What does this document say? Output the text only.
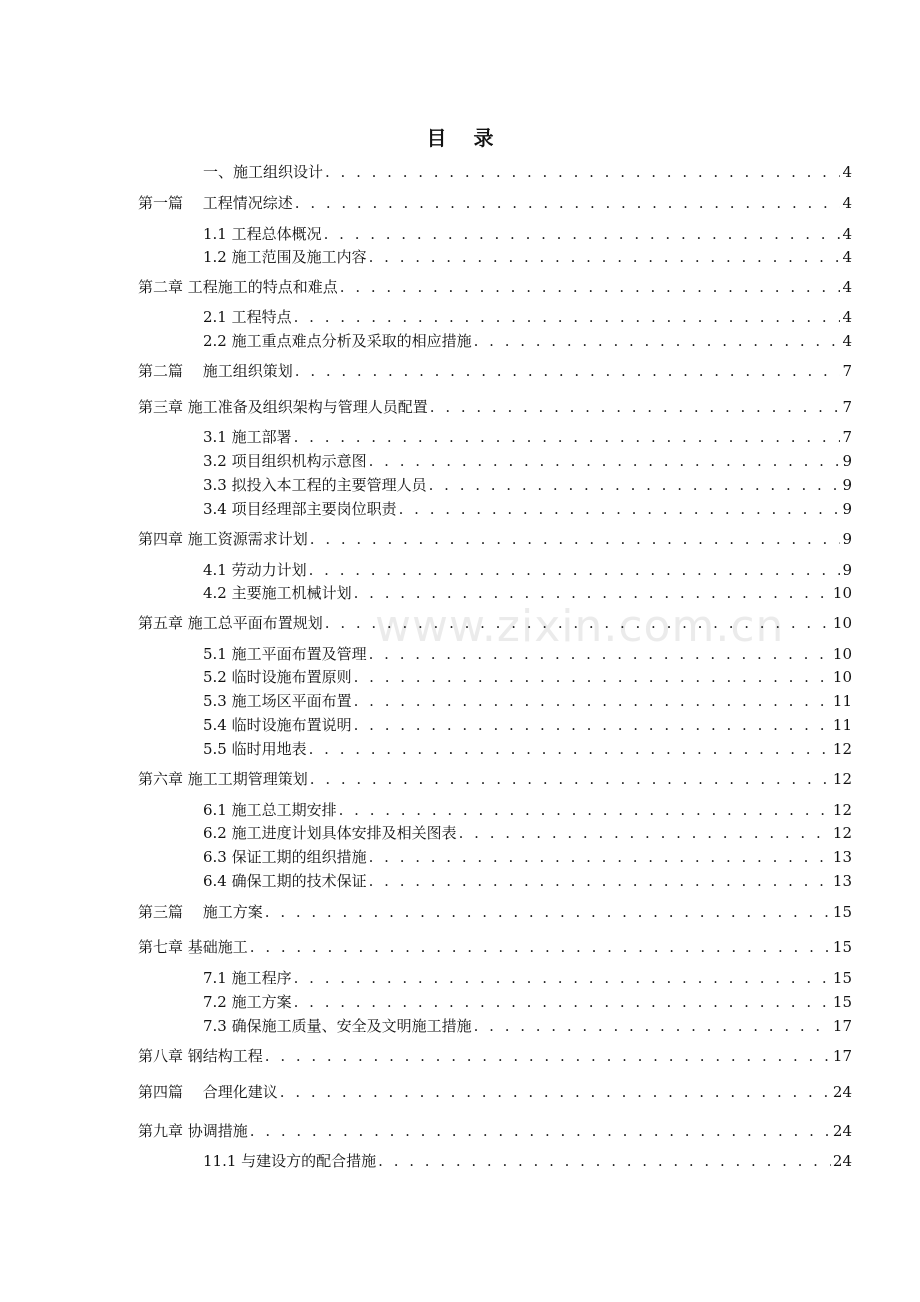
目 录
www.zixin.com.cn
一、施工组织设计 . . .	4
第一篇　 工程情况综述 . . .	4
1.1 工程总体概况 . . .	4
1.2 施工范围及施工内容 . . .	4
第二章 工程施工的特点和难点 . . .	4
2.1 工程特点 . . .	4
2.2 施工重点难点分析及采取的相应措施 . . .	4
第二篇　 施工组织策划 . . .	7
第三章 施工准备及组织架构与管理人员配置 . . .	7
3.1 施工部署 . . .	7
3.2 项目组织机构示意图 . . .	9
3.3 拟投入本工程的主要管理人员 . . .	9
3.4 项目经理部主要岗位职责 . . .	9
第四章 施工资源需求计划 . . .	9
4.1 劳动力计划 . . .	9
4.2 主要施工机械计划 . . .	10
第五章 施工总平面布置规划 . . .	10
5.1 施工平面布置及管理 . . .	10
5.2 临时设施布置原则 . . .	10
5.3 施工场区平面布置 . . .	11
5.4 临时设施布置说明 . . .	11
5.5 临时用地表 . . .	12
第六章 施工工期管理策划 . . .	12
6.1 施工总工期安排 . . .	12
6.2 施工进度计划具体安排及相关图表 . . .	12
6.3 保证工期的组织措施 . . .	13
6.4 确保工期的技术保证 . . .	13
第三篇　 施工方案 . . .	15
第七章 基础施工 . . .	15
7.1 施工程序 . . .	15
7.2 施工方案 . . .	15
7.3 确保施工质量、安全及文明施工措施 . . .	17
第八章 钢结构工程 . . .	17
第四篇　 合理化建议 . . .	24
第九章 协调措施 . . .	24
11.1 与建设方的配合措施 . . .	24
